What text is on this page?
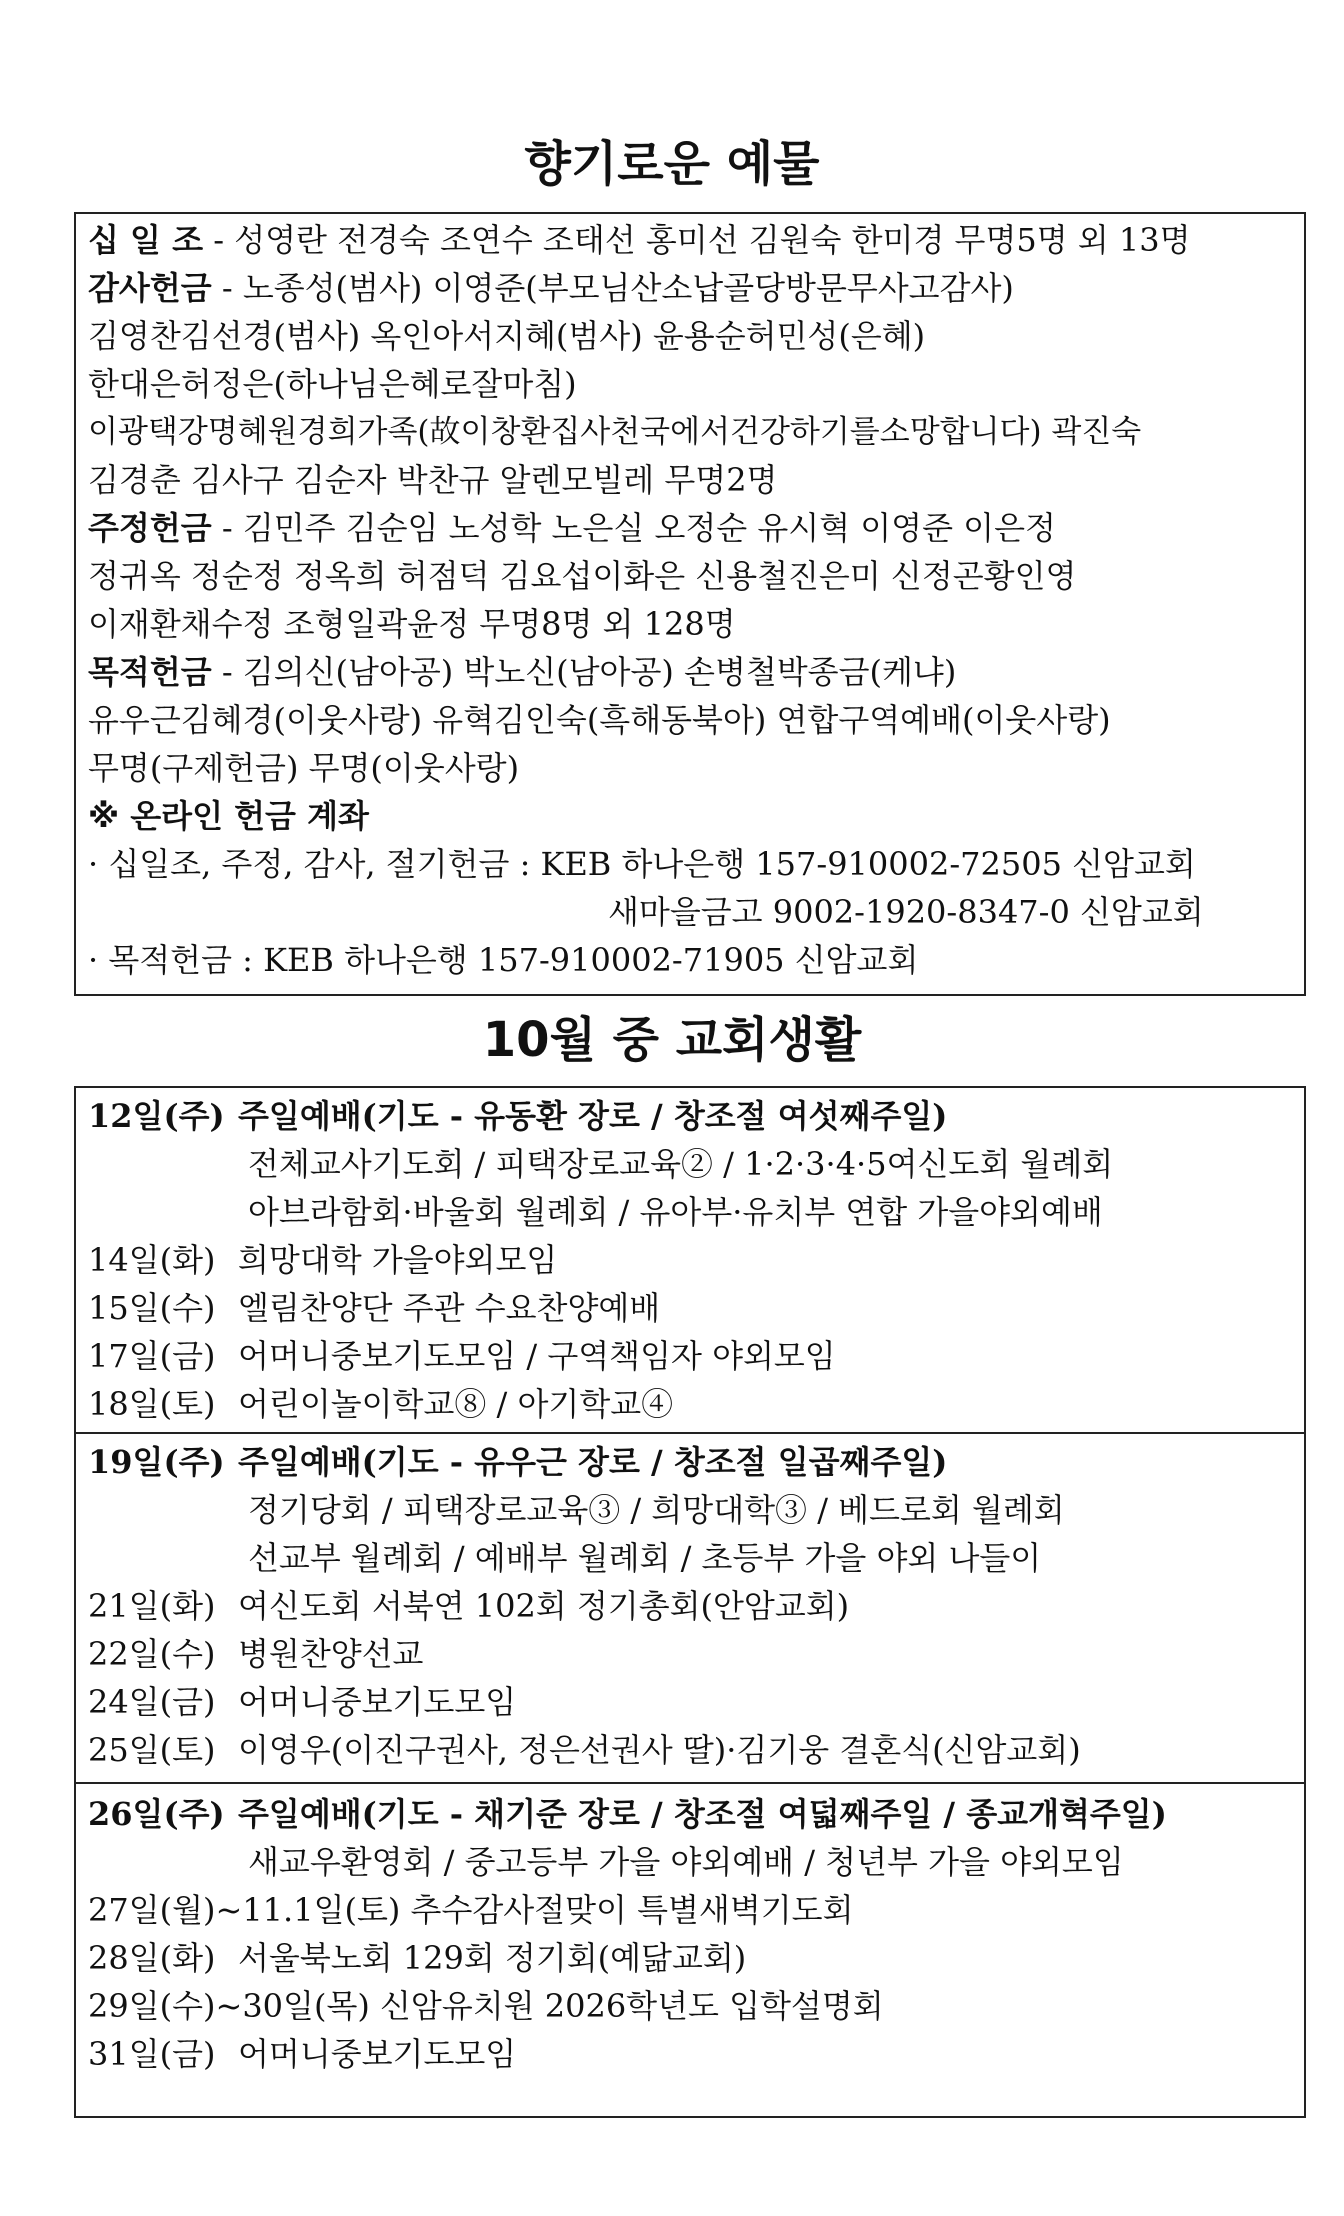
향기로운 예물
십 일 조 - 성영란 전경숙 조연수 조태선 홍미선 김원숙 한미경 무명5명 외 13명
감사헌금 - 노종성(범사) 이영준(부모님산소납골당방문무사고감사)
김영찬김선경(범사) 옥인아서지혜(범사) 윤용순허민성(은혜)
한대은허정은(하나님은혜로잘마침)
이광택강명혜원경희가족(故이창환집사천국에서건강하기를소망합니다) 곽진숙
김경춘 김사구 김순자 박찬규 알렌모빌레 무명2명
주정헌금 - 김민주 김순임 노성학 노은실 오정순 유시혁 이영준 이은정
정귀옥 정순정 정옥희 허점덕 김요섭이화은 신용철진은미 신정곤황인영
이재환채수정 조형일곽윤정 무명8명 외 128명
목적헌금 - 김의신(남아공) 박노신(남아공) 손병철박종금(케냐)
유우근김혜경(이웃사랑) 유혁김인숙(흑해동북아) 연합구역예배(이웃사랑)
무명(구제헌금) 무명(이웃사랑)
※ 온라인 헌금 계좌
· 십일조, 주정, 감사, 절기헌금 : KEB 하나은행 157-910002-72505 신암교회
새마을금고 9002-1920-8347-0 신암교회
· 목적헌금 : KEB 하나은행 157-910002-71905 신암교회
10월 중 교회생활
12일(주) 주일예배(기도 - 유동환 장로 / 창조절 여섯째주일)
전체교사기도회 / 피택장로교육② / 1·2·3·4·5여신도회 월례회
아브라함회·바울회 월례회 / 유아부·유치부 연합 가을야외예배
14일(화) 희망대학 가을야외모임
15일(수) 엘림찬양단 주관 수요찬양예배
17일(금) 어머니중보기도모임 / 구역책임자 야외모임
18일(토) 어린이놀이학교⑧ / 아기학교④
19일(주) 주일예배(기도 - 유우근 장로 / 창조절 일곱째주일)
정기당회 / 피택장로교육③ / 희망대학③ / 베드로회 월례회
선교부 월례회 / 예배부 월례회 / 초등부 가을 야외 나들이
21일(화) 여신도회 서북연 102회 정기총회(안암교회)
22일(수) 병원찬양선교
24일(금) 어머니중보기도모임
25일(토) 이영우(이진구권사, 정은선권사 딸)·김기웅 결혼식(신암교회)
26일(주) 주일예배(기도 - 채기준 장로 / 창조절 여덟째주일 / 종교개혁주일)
새교우환영회 / 중고등부 가을 야외예배 / 청년부 가을 야외모임
27일(월)~11.1일(토) 추수감사절맞이 특별새벽기도회
28일(화) 서울북노회 129회 정기회(예닮교회)
29일(수)~30일(목) 신암유치원 2026학년도 입학설명회
31일(금) 어머니중보기도모임
